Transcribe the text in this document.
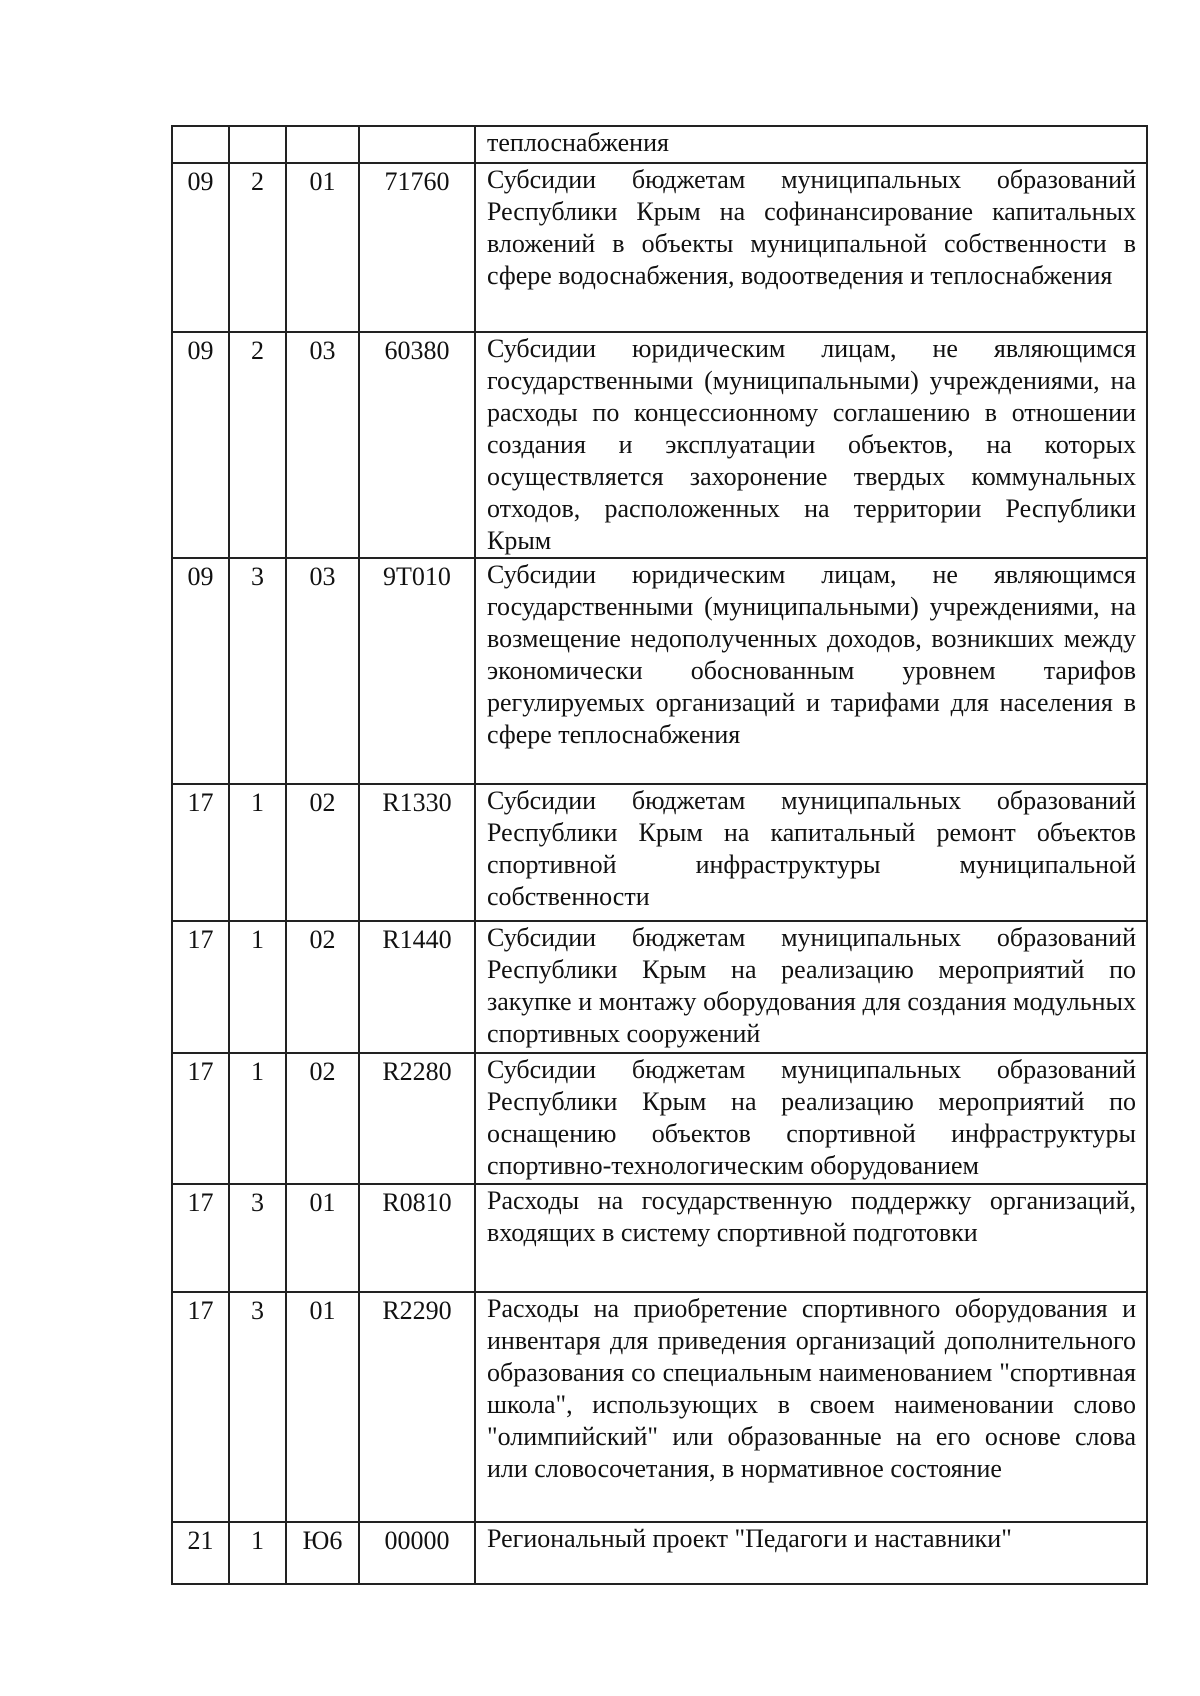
				теплоснабжения

09	2	01	71760	Субсидии бюджетам муниципальных образований Республики Крым на софинансирование капитальных вложений в объекты муниципальной собственности в сфере водоснабжения, водоотведения и теплоснабжения

09	2	03	60380	Субсидии юридическим лицам, не являющимся государственными (муниципальными) учреждениями, на расходы по концессионному соглашению в отношении создания и эксплуатации объектов, на которых осуществляется захоронение твердых коммунальных отходов, расположенных на территории Республики Крым

09	3	03	9T010	Субсидии юридическим лицам, не являющимся государственными (муниципальными) учреждениями, на возмещение недополученных доходов, возникших между экономически обоснованным уровнем тарифов регулируемых организаций и тарифами для населения в сфере теплоснабжения

17	1	02	R1330	Субсидии бюджетам муниципальных образований Республики Крым на капитальный ремонт объектов спортивной инфраструктуры муниципальной собственности

17	1	02	R1440	Субсидии бюджетам муниципальных образований Республики Крым на реализацию мероприятий по закупке и монтажу оборудования для создания модульных спортивных сооружений

17	1	02	R2280	Субсидии бюджетам муниципальных образований Республики Крым на реализацию мероприятий по оснащению объектов спортивной инфраструктуры спортивно-технологическим оборудованием

17	3	01	R0810	Расходы на государственную поддержку организаций, входящих в систему спортивной подготовки

17	3	01	R2290	Расходы на приобретение спортивного оборудования и инвентаря для приведения организаций дополнительного образования со специальным наименованием "спортивная школа", использующих в своем наименовании слово "олимпийский" или образованные на его основе слова или словосочетания, в нормативное состояние

21	1	Ю6	00000	Региональный проект "Педагоги и наставники"
